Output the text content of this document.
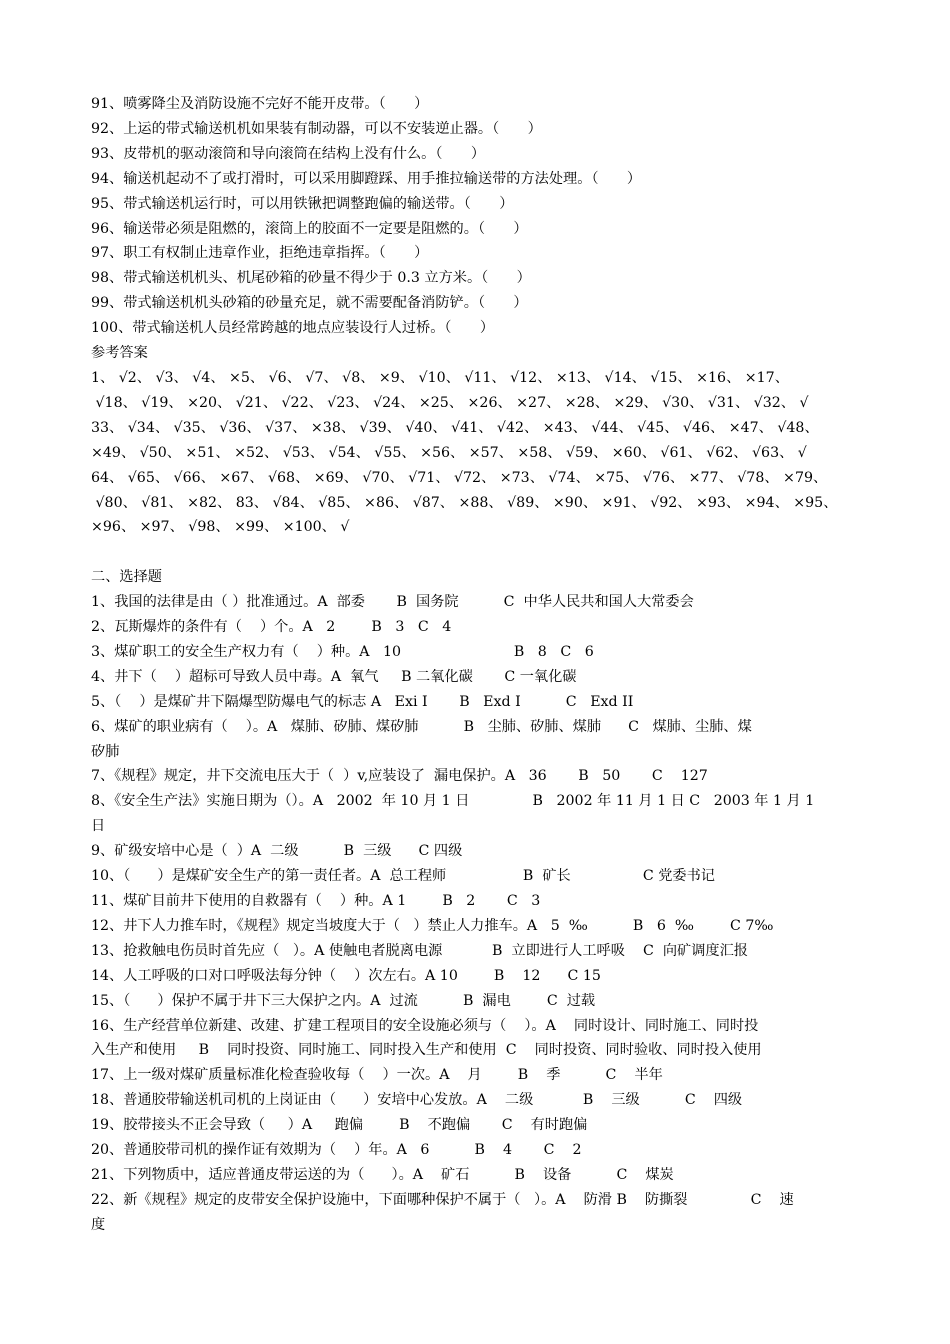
91、喷雾降尘及消防设施不完好不能开皮带。（　　）
92、上运的带式输送机机如果装有制动器，可以不安装逆止器。（　　）
93、皮带机的驱动滚筒和导向滚筒在结构上没有什么。（　　）
94、输送机起动不了或打滑时，可以采用脚蹬踩、用手推拉输送带的方法处理。（　　）
95、带式输送机运行时，可以用铁锹把调整跑偏的输送带。（　　）
96、输送带必须是阻燃的，滚筒上的胶面不一定要是阻燃的。（　　）
97、职工有权制止违章作业，拒绝违章指挥。（　　）
98、带式输送机机头、机尾砂箱的砂量不得少于 0.3 立方米。（　　）
99、带式输送机机头砂箱的砂量充足，就不需要配备消防铲。（　　）
100、带式输送机人员经常跨越的地点应装设行人过桥。（　　）
参考答案
1、 √2、 √3、 √4、 ×5、 √6、 √7、 √8、 ×9、 √10、 √11、 √12、 ×13、 √14、 √15、 ×16、 ×17、
√18、 √19、 ×20、 √21、 √22、 √23、 √24、 ×25、 ×26、 ×27、 ×28、 ×29、 √30、 √31、 √32、 √
33、 √34、 √35、 √36、 √37、 ×38、 √39、 √40、 √41、 √42、 ×43、 √44、 √45、 √46、 ×47、 √48、
×49、 √50、 ×51、 ×52、 √53、 √54、 √55、 ×56、 ×57、 ×58、 √59、 ×60、 √61、 √62、 √63、 √
64、 √65、 √66、 ×67、 √68、 ×69、 √70、 √71、 √72、 ×73、 √74、 ×75、 √76、 ×77、 √78、 ×79、
√80、 √81、 ×82、 83、 √84、 √85、 ×86、 √87、 ×88、 √89、 ×90、 ×91、 √92、 ×93、 ×94、 ×95、
×96、 ×97、 √98、 ×99、 ×100、 √
二、选择题
1、我国的法律是由（ ）批准通过。A  部委       B  国务院          C  中华人民共和国人大常委会
2、瓦斯爆炸的条件有（    ）个。A   2        B   3   C   4
3、煤矿职工的安全生产权力有（    ）种。A   10                         B   8   C   6
4、井下（    ）超标可导致人员中毒。A  氧气     B 二氧化碳       C 一氧化碳
5、（    ）是煤矿井下隔爆型防爆电气的标志 A   Exi I       B   Exd I          C   Exd II
6、煤矿的职业病有（    ）。A   煤肺、矽肺、煤矽肺          B   尘肺、矽肺、煤肺      C   煤肺、尘肺、煤
矽肺
7、《规程》规定，井下交流电压大于（  ）v,应装设了  漏电保护。A   36       B   50       C    127
8、《安全生产法》实施日期为（）。A   2002  年 10 月 1 日              B   2002 年 11 月 1 日 C   2003 年 1 月 1
日
9、矿级安培中心是（  ）A  二级          B  三级      C 四级
10、（      ）是煤矿安全生产的第一责任者。A  总工程师                 B  矿长                C 党委书记
11、煤矿目前井下使用的自救器有（    ）种。A 1        B   2       C   3
12、井下人力推车时，《规程》规定当坡度大于（   ）禁止人力推车。A   5  ‰          B   6  ‰        C 7‰
13、抢救触电伤员时首先应（   ）。A 使触电者脱离电源           B  立即进行人工呼吸    C  向矿调度汇报
14、人工呼吸的口对口呼吸法每分钟（    ）次左右。A 10        B    12      C 15
15、（      ）保护不属于井下三大保护之内。A  过流          B  漏电        C  过载
16、生产经营单位新建、改建、扩建工程项目的安全设施必须与（    ）。A    同时设计、同时施工、同时投
入生产和使用     B    同时投资、同时施工、同时投入生产和使用  C    同时投资、同时验收、同时投入使用
17、上一级对煤矿质量标准化检查验收每（    ）一次。A    月        B    季          C    半年
18、普通胶带输送机司机的上岗证由（      ）安培中心发放。A    二级           B    三级          C    四级
19、胶带接头不正会导致（     ）A     跑偏        B    不跑偏       C    有时跑偏
20、普通胶带司机的操作证有效期为（    ）年。A   6          B    4       C    2
21、下列物质中，适应普通皮带运送的为（      ）。A    矿石          B    设备          C    煤炭
22、新《规程》规定的皮带安全保护设施中，下面哪种保护不属于（   ）。A    防滑 B    防撕裂              C    速
度
